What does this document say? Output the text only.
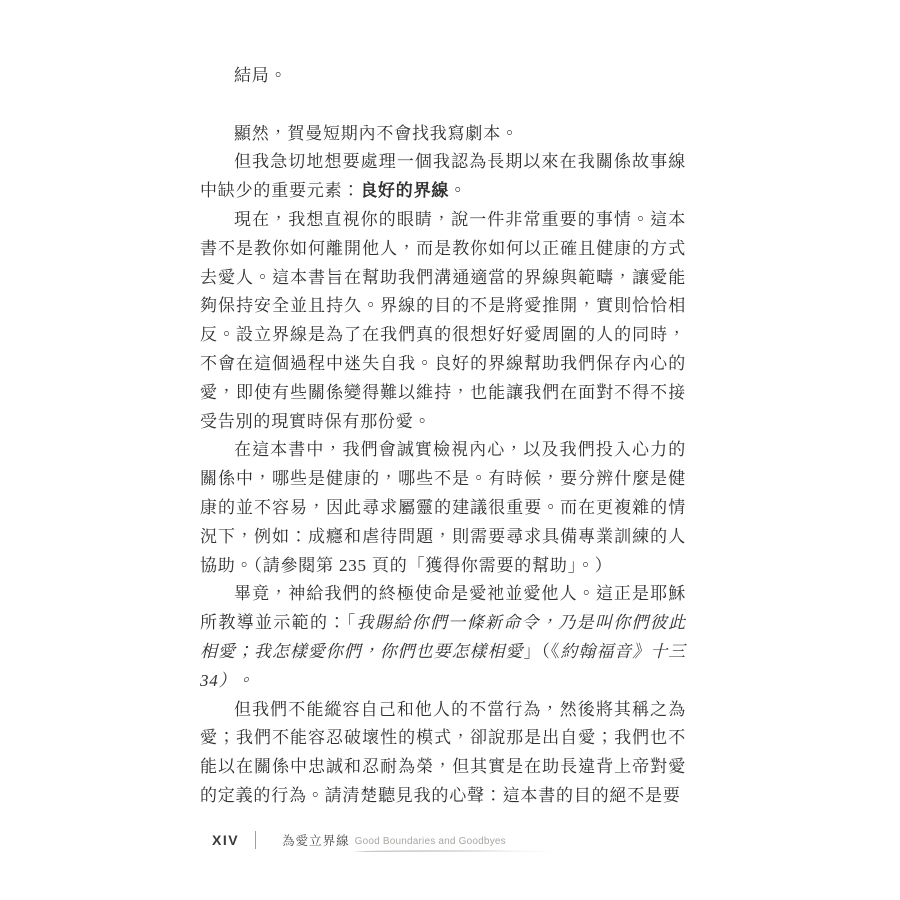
結局。

顯然，賀曼短期內不會找我寫劇本。

但我急切地想要處理一個我認為長期以來在我關係故事線中缺少的重要元素：良好的界線。

現在，我想直視你的眼睛，說一件非常重要的事情。這本書不是教你如何離開他人，而是教你如何以正確且健康的方式去愛人。這本書旨在幫助我們溝通適當的界線與範疇，讓愛能夠保持安全並且持久。界線的目的不是將愛推開，實則恰恰相反。設立界線是為了在我們真的很想好好愛周圍的人的同時，不會在這個過程中迷失自我。良好的界線幫助我們保存內心的愛，即使有些關係變得難以維持，也能讓我們在面對不得不接受告別的現實時保有那份愛。

在這本書中，我們會誠實檢視內心，以及我們投入心力的關係中，哪些是健康的，哪些不是。有時候，要分辨什麼是健康的並不容易，因此尋求屬靈的建議很重要。而在更複雜的情況下，例如：成癮和虐待問題，則需要尋求具備專業訓練的人協助。（請參閱第 235 頁的「獲得你需要的幫助」。）

畢竟，神給我們的終極使命是愛祂並愛他人。這正是耶穌所教導並示範的：「我賜給你們一條新命令，乃是叫你們彼此相愛；我怎樣愛你們，你們也要怎樣相愛」（《約翰福音》十三 34）。

但我們不能縱容自己和他人的不當行為，然後將其稱之為愛；我們不能容忍破壞性的模式，卻說那是出自愛；我們也不能以在關係中忠誠和忍耐為榮，但其實是在助長違背上帝對愛的定義的行為。請清楚聽見我的心聲：這本書的目的絕不是要

XIV	為愛立界線 Good Boundaries and Goodbyes
